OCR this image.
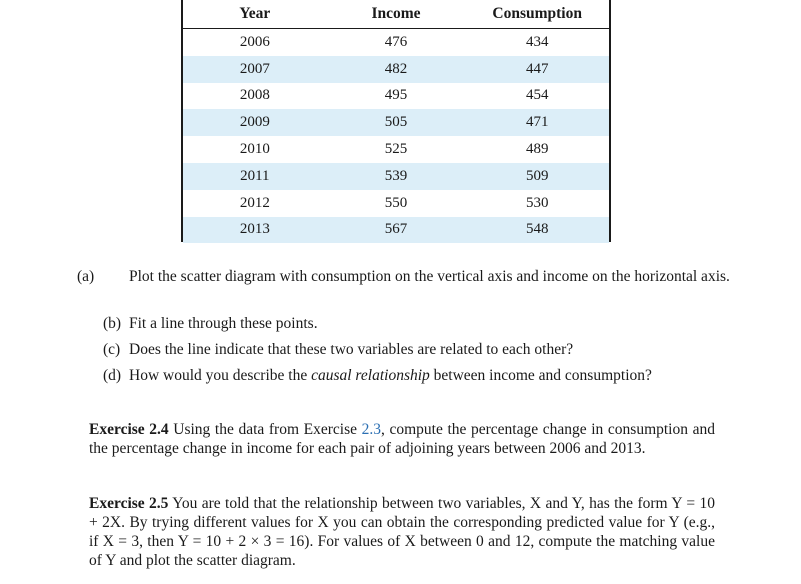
Year	Income	Consumption
2006	476	434
2007	482	447
2008	495	454
2009	505	471
2010	525	489
2011	539	509
2012	550	530
2013	567	548
(a) Plot the scatter diagram with consumption on the vertical axis and income on the horizontal axis.
(b) Fit a line through these points.
(c) Does the line indicate that these two variables are related to each other?
(d) How would you describe the causal relationship between income and consumption?
Exercise 2.4 Using the data from Exercise 2.3, compute the percentage change in consumption and the percentage change in income for each pair of adjoining years between 2006 and 2013.
Exercise 2.5 You are told that the relationship between two variables, X and Y, has the form Y = 10 + 2X. By trying different values for X you can obtain the corresponding predicted value for Y (e.g., if X = 3, then Y = 10 + 2 × 3 = 16). For values of X between 0 and 12, compute the matching value of Y and plot the scatter diagram.
